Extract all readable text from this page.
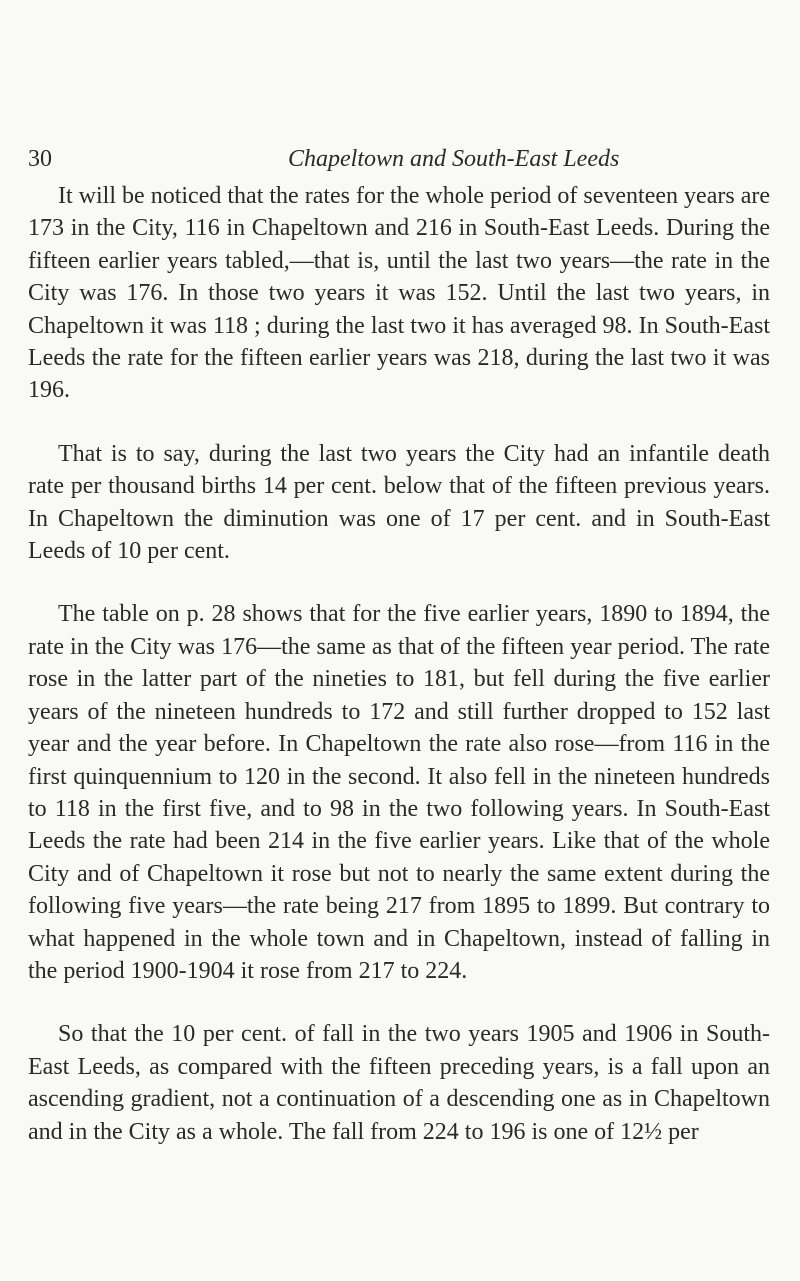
30	Chapeltown and South-East Leeds

It will be noticed that the rates for the whole period of seventeen years are 173 in the City, 116 in Chapeltown and 216 in South-East Leeds. During the fifteen earlier years tabled,—that is, until the last two years—the rate in the City was 176. In those two years it was 152. Until the last two years, in Chapeltown it was 118 ; during the last two it has averaged 98. In South-East Leeds the rate for the fifteen earlier years was 218, during the last two it was 196.

That is to say, during the last two years the City had an infantile death rate per thousand births 14 per cent. below that of the fifteen previous years. In Chapeltown the diminution was one of 17 per cent. and in South-East Leeds of 10 per cent.

The table on p. 28 shows that for the five earlier years, 1890 to 1894, the rate in the City was 176—the same as that of the fifteen year period. The rate rose in the latter part of the nineties to 181, but fell during the five earlier years of the nineteen hundreds to 172 and still further dropped to 152 last year and the year before. In Chapeltown the rate also rose—from 116 in the first quinquennium to 120 in the second. It also fell in the nineteen hundreds to 118 in the first five, and to 98 in the two following years. In South-East Leeds the rate had been 214 in the five earlier years. Like that of the whole City and of Chapeltown it rose but not to nearly the same extent during the following five years—the rate being 217 from 1895 to 1899. But contrary to what happened in the whole town and in Chapeltown, instead of falling in the period 1900-1904 it rose from 217 to 224.

So that the 10 per cent. of fall in the two years 1905 and 1906 in South-East Leeds, as compared with the fifteen preceding years, is a fall upon an ascending gradient, not a continuation of a descending one as in Chapeltown and in the City as a whole. The fall from 224 to 196 is one of 12½ per
